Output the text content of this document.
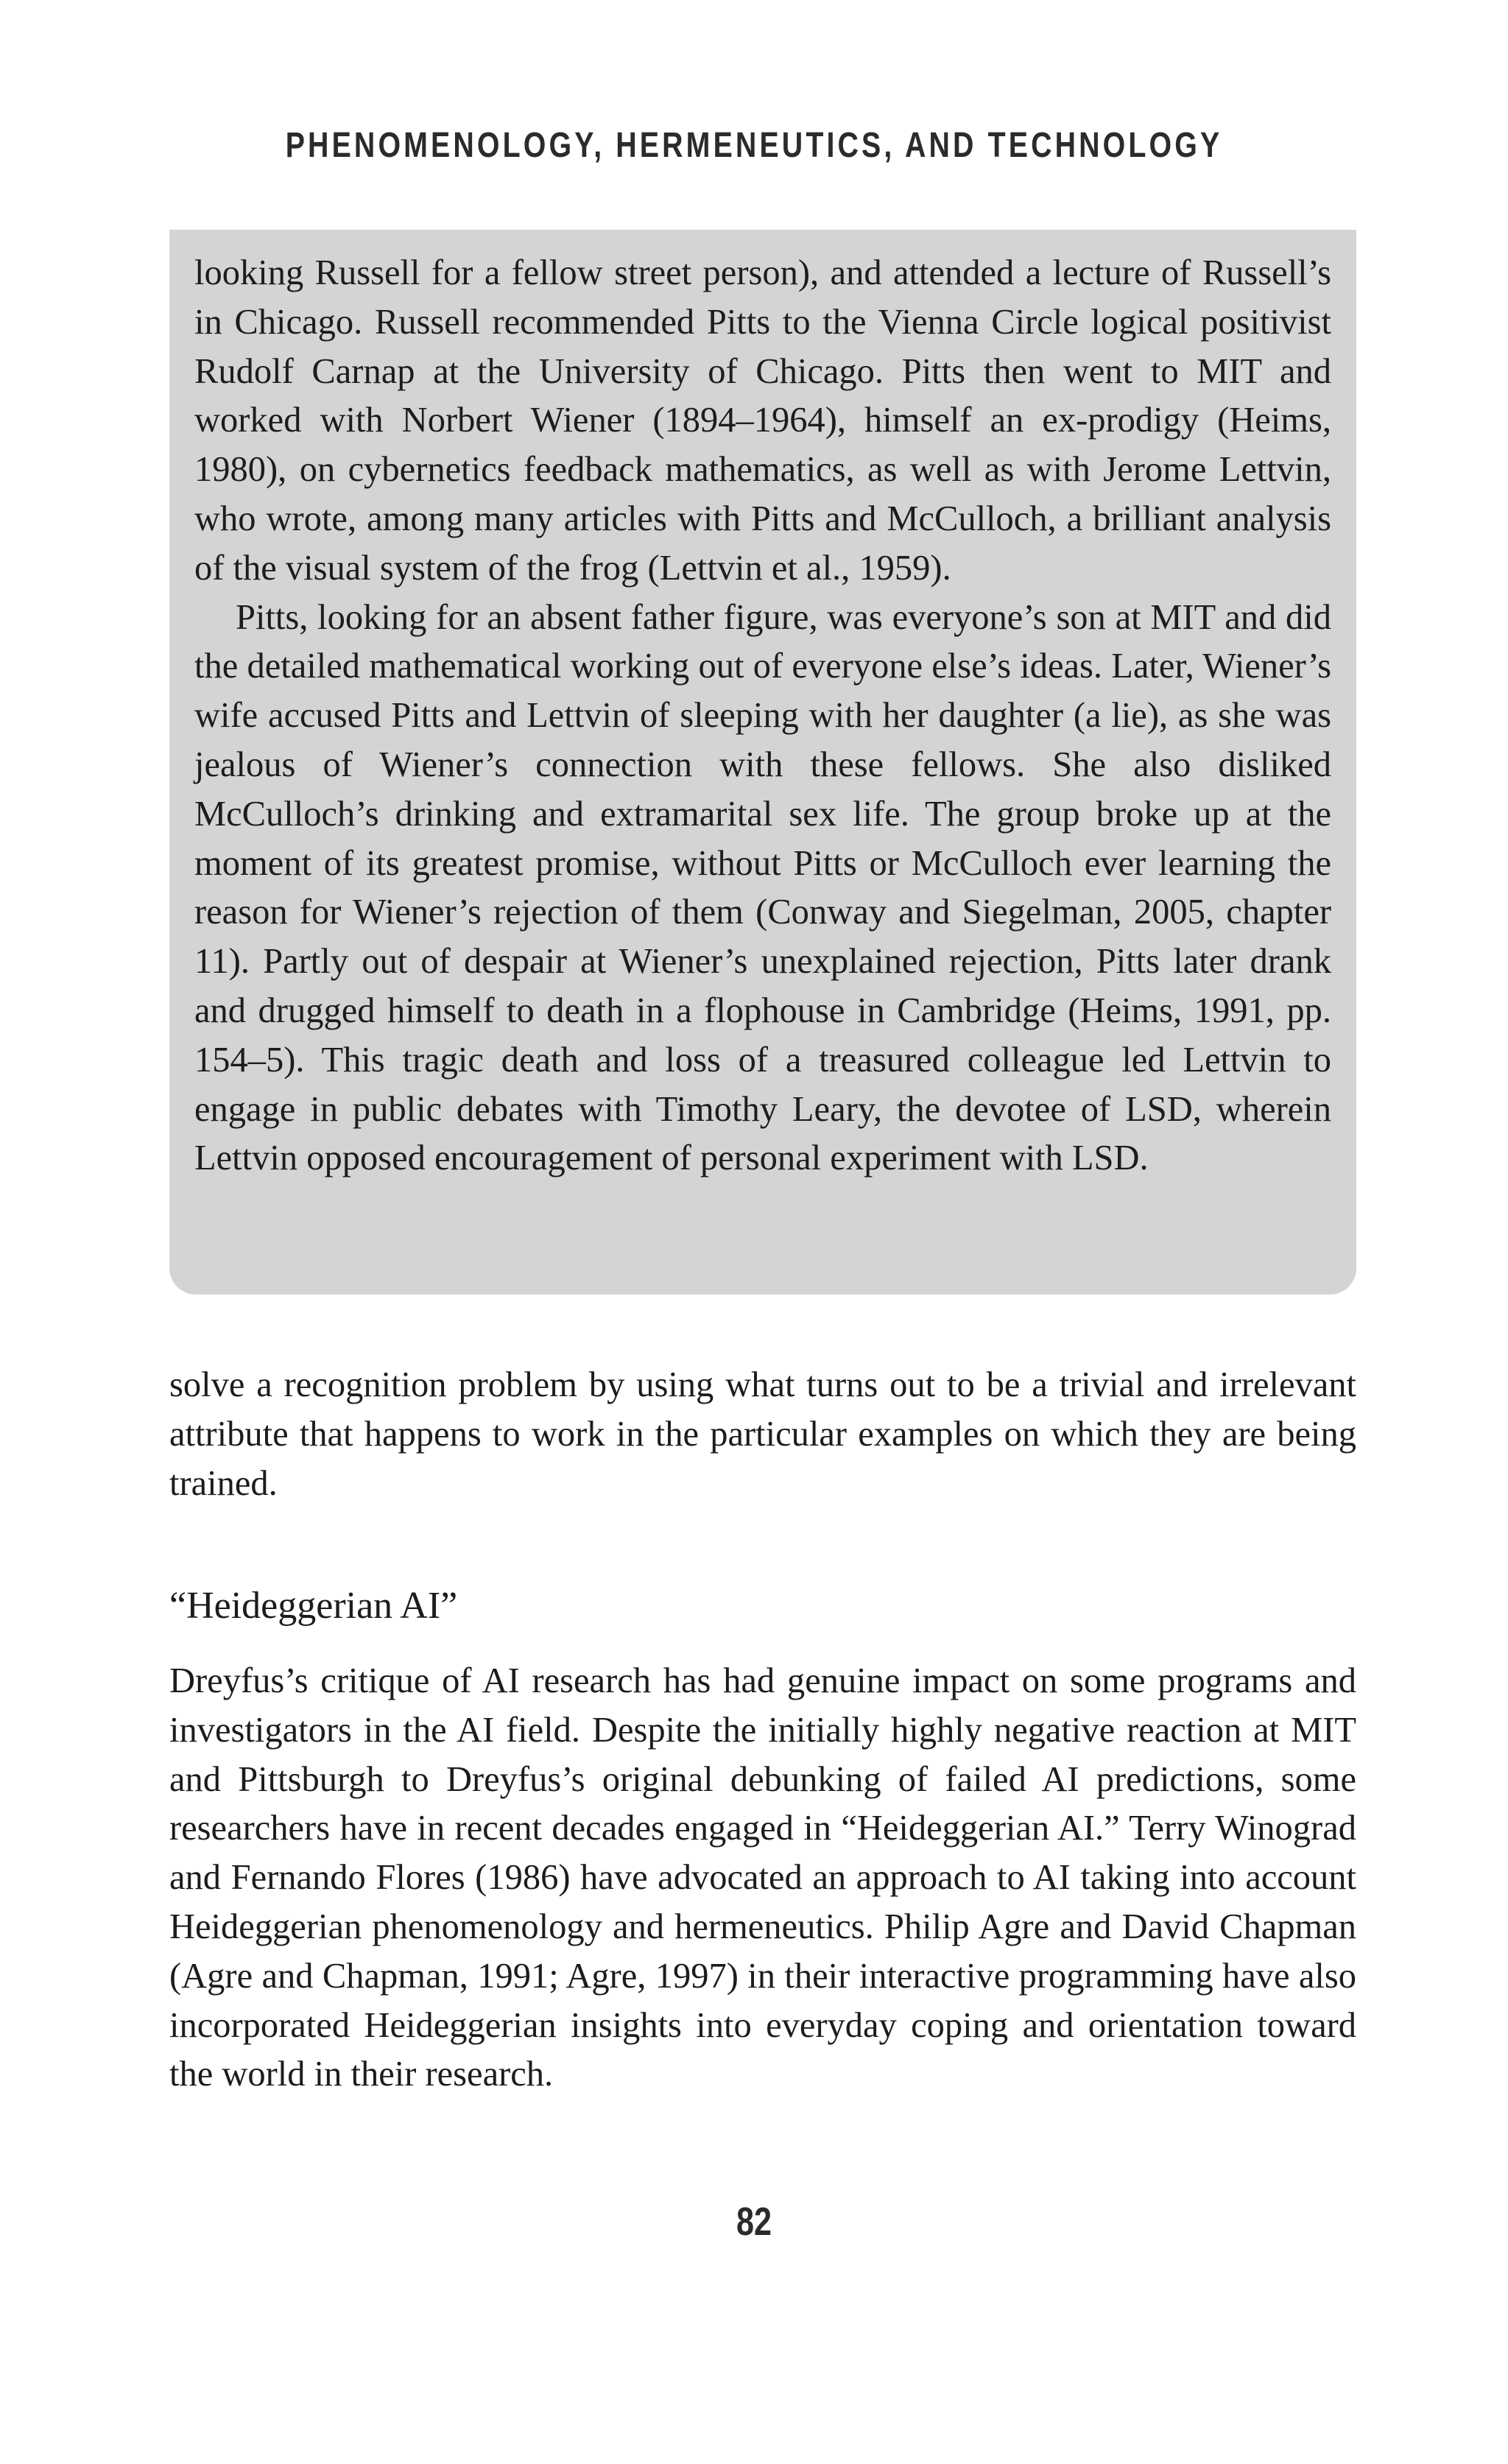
PHENOMENOLOGY, HERMENEUTICS, AND TECHNOLOGY

looking Russell for a fellow street person), and attended a lecture of Russell’s in Chicago. Russell recommended Pitts to the Vienna Circle logical positivist Rudolf Carnap at the University of Chicago. Pitts then went to MIT and worked with Norbert Wiener (1894–1964), himself an ex-prodigy (Heims, 1980), on cybernetics feedback mathematics, as well as with Jerome Lettvin, who wrote, among many articles with Pitts and McCulloch, a brilliant analysis of the visual system of the frog (Lettvin et al., 1959).

Pitts, looking for an absent father figure, was everyone’s son at MIT and did the detailed mathematical working out of everyone else’s ideas. Later, Wiener’s wife accused Pitts and Lettvin of sleeping with her daughter (a lie), as she was jealous of Wiener’s connection with these fellows. She also disliked McCulloch’s drinking and extramarital sex life. The group broke up at the moment of its greatest promise, without Pitts or McCulloch ever learning the reason for Wiener’s rejection of them (Conway and Siegelman, 2005, chapter 11). Partly out of despair at Wiener’s unexplained rejection, Pitts later drank and drugged himself to death in a flophouse in Cambridge (Heims, 1991, pp. 154–5). This tragic death and loss of a treasured colleague led Lettvin to engage in public debates with Timothy Leary, the devotee of LSD, wherein Lettvin opposed encouragement of personal experiment with LSD.

solve a recognition problem by using what turns out to be a trivial and irrelevant attribute that happens to work in the particular examples on which they are being trained.

“Heideggerian AI”

Dreyfus’s critique of AI research has had genuine impact on some programs and investigators in the AI field. Despite the initially highly negative reaction at MIT and Pittsburgh to Dreyfus’s original debunking of failed AI predictions, some researchers have in recent decades engaged in “Heideggerian AI.” Terry Winograd and Fernando Flores (1986) have advocated an approach to AI taking into account Heideggerian phenomenology and hermeneutics. Philip Agre and David Chapman (Agre and Chapman, 1991; Agre, 1997) in their interactive programming have also incorporated Heideggerian insights into everyday coping and orientation toward the world in their research.

82
